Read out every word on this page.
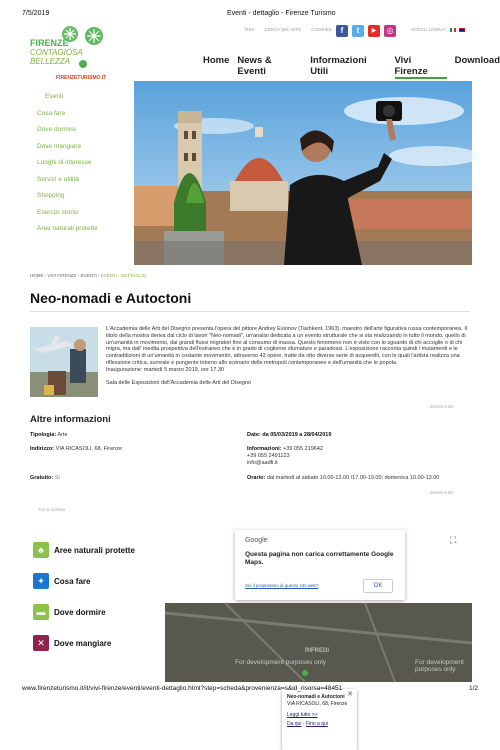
7/5/2019	Eventi - dettaglio - Firenze Turismo
FIRENZE
CONTAGIOSA
BELLEZZA
FIRENZETURISMO.IT
RSS CERCA NEL SITO COOKIES	f	t	▶	◎	SCEGLI LINGUA:
Home News & Eventi
Informazioni Utili
Vivi Firenze
Download
Eventi
Cosa fare
Dove dormire
Dove mangiare
Luoghi di interesse
Servizi e utilità
Shopping
Esercizi storici
Aree naturali protette
HOME › VIVI FIRENZE › EVENTI › EVENTI - DETTAGLIO
Neo-nomadi e Autoctoni

L'Accademia delle Arti del Disegno presenta l'opera del pittore Andrey Esionov (Tashkent, 1963), maestro dell'arte figurativa russa contemporanea. Il titolo della mostra deriva dal ciclo di lavori "Neo-nomadi", un'analisi dedicata a un evento strutturale che si sta realizzando in tutto il mondo, quello di un'umanità in movimento, dai grandi flussi migratori fino al consumo di massa. Questo fenomeno non è visto con lo sguardo di chi accoglie o di chi migra, ma dall' inedita prospettiva dell'estraneo che è in grado di coglierne sfumature e paradossi. L'esposizione racconta quindi i mutamenti e le contraddizioni di un'umanità in costante movimento, attraverso 42 opere, tratte da otto diverse serie di acquerelli, con le quali l'artista realizza una riflessione critica, surreale e pungente intorno allo scenario delle metropoli contemporanee e dell'umanità che le popola.
Inaugurazione: martedì 5 marzo 2019, ore 17.30

Sala delle Esposizioni dell'Accademia delle Arti del Disegno

Mostra tutto
Altre informazioni
Tipologia: Arte	Date: da 05/03/2019 a 28/04/2019
Indirizzo: VIA RICASOLI, 68, Firenze	Informazioni: +39 055 219642
+39 055 2491123
info@aadfi.it
Gratuito: Sì	Orario: dal martedì al sabato 10.00-13.00 /17.00-19.00; domenica 10.00-13.00
Mostra tutto
Torna indietro
♣	Aree naturali protette
✦	Cosa fare
▬	Dove dormire
✕	Dove mangiare
Google
Questa pagina non carica correttamente Google Maps.
Sei il proprietario di questo sito web?	OK
⛶
For development purposes only	For development purposes only
RIFREDI
✕
Neo-nomadi e Autoctoni
VIA RICASOLI, 68, Firenze
Leggi tutto >>
Da qui - Fino a qui
www.firenzeturismo.it/it/vivi-firenze/eventi/eventi-dettaglio.html?step=scheda&provenienza=s&id_risorsa=48451	1/2
